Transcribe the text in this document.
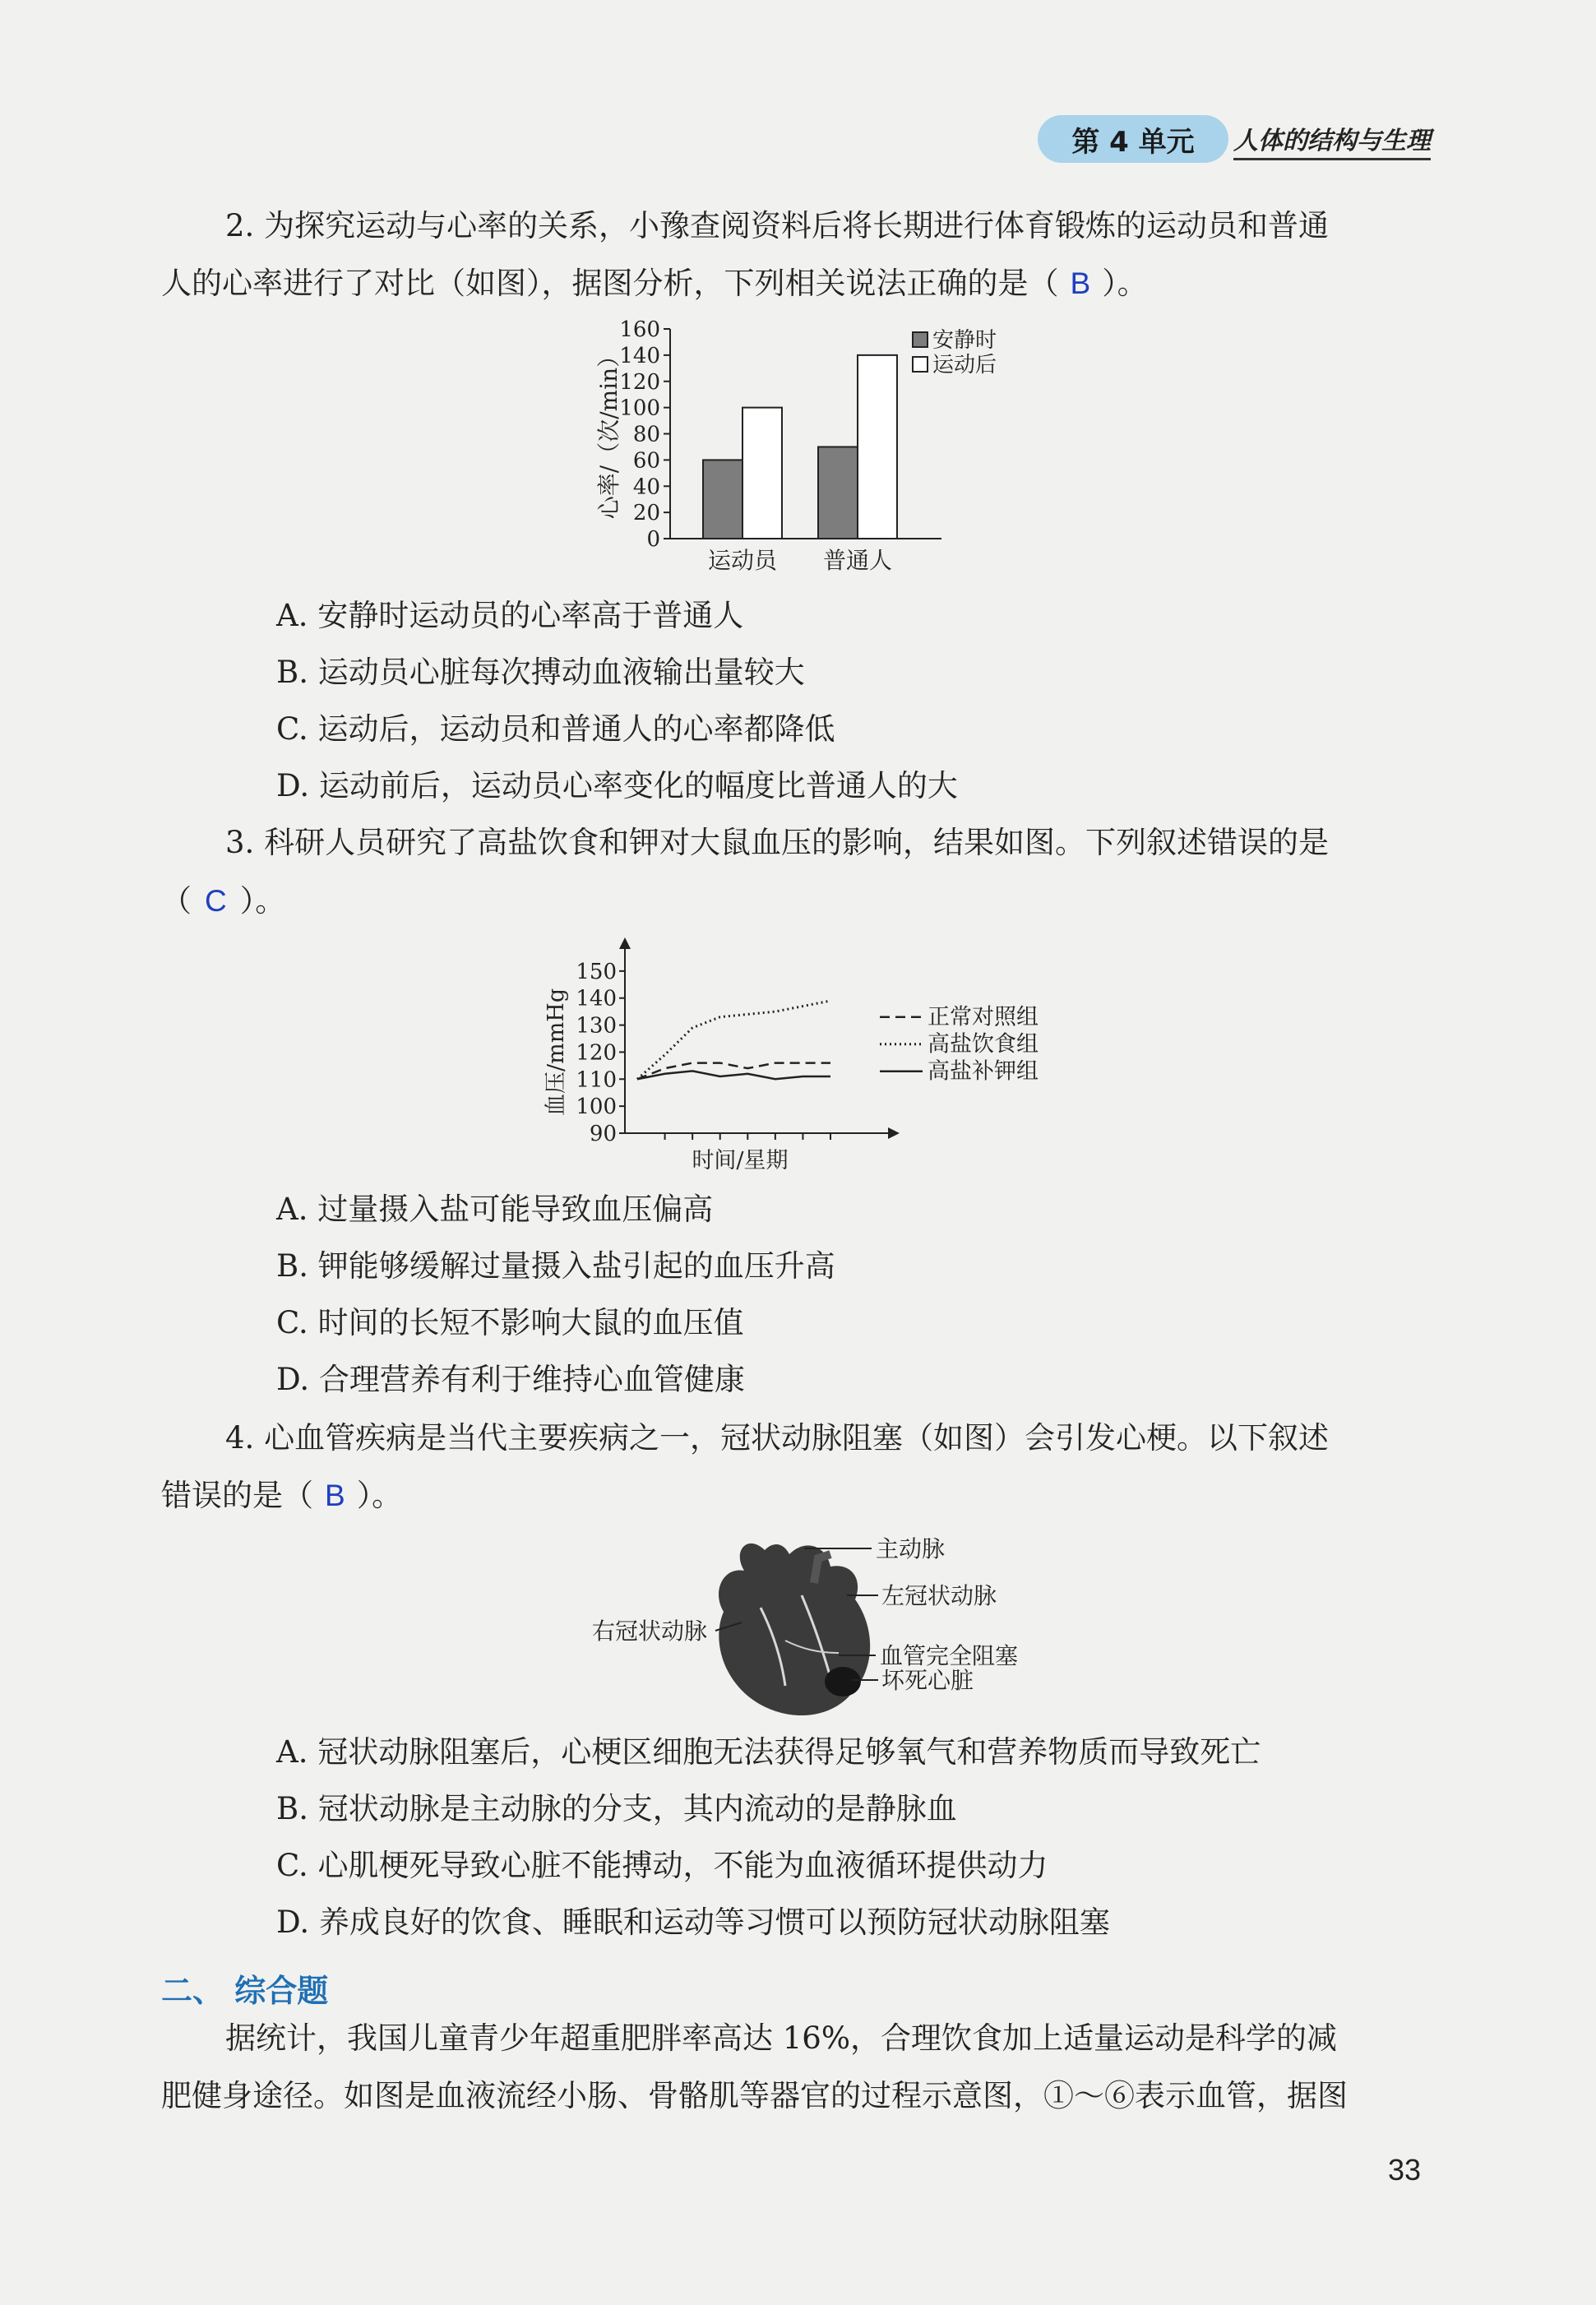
第 4 单元	人体的结构与生理
2. 为探究运动与心率的关系，小豫查阅资料后将长期进行体育锻炼的运动员和普通
人的心率进行了对比（如图），据图分析，下列相关说法正确的是（ B ）。
0
20
40
60
80
100
120
140
160
心率/（次/min）
运动员 普通人
安静时
运动后
A. 安静时运动员的心率高于普通人
B. 运动员心脏每次搏动血液输出量较大
C. 运动后，运动员和普通人的心率都降低
D. 运动前后，运动员心率变化的幅度比普通人的大
3. 科研人员研究了高盐饮食和钾对大鼠血压的影响，结果如图。下列叙述错误的是
（ C ）。
90
100
110
120
130
140
150
血压/mmHg
时间/星期
正常对照组
高盐饮食组
高盐补钾组
A. 过量摄入盐可能导致血压偏高
B. 钾能够缓解过量摄入盐引起的血压升高
C. 时间的长短不影响大鼠的血压值
D. 合理营养有利于维持心血管健康
4. 心血管疾病是当代主要疾病之一，冠状动脉阻塞（如图）会引发心梗。以下叙述
错误的是（ B ）。
主动脉
左冠状动脉
右冠状动脉
血管完全阻塞
坏死心脏
A. 冠状动脉阻塞后，心梗区细胞无法获得足够氧气和营养物质而导致死亡
B. 冠状动脉是主动脉的分支，其内流动的是静脉血
C. 心肌梗死导致心脏不能搏动，不能为血液循环提供动力
D. 养成良好的饮食、睡眠和运动等习惯可以预防冠状动脉阻塞
二、 综合题
据统计，我国儿童青少年超重肥胖率高达 16%，合理饮食加上适量运动是科学的减
肥健身途径。如图是血液流经小肠、骨骼肌等器官的过程示意图，①～⑥表示血管，据图
33
